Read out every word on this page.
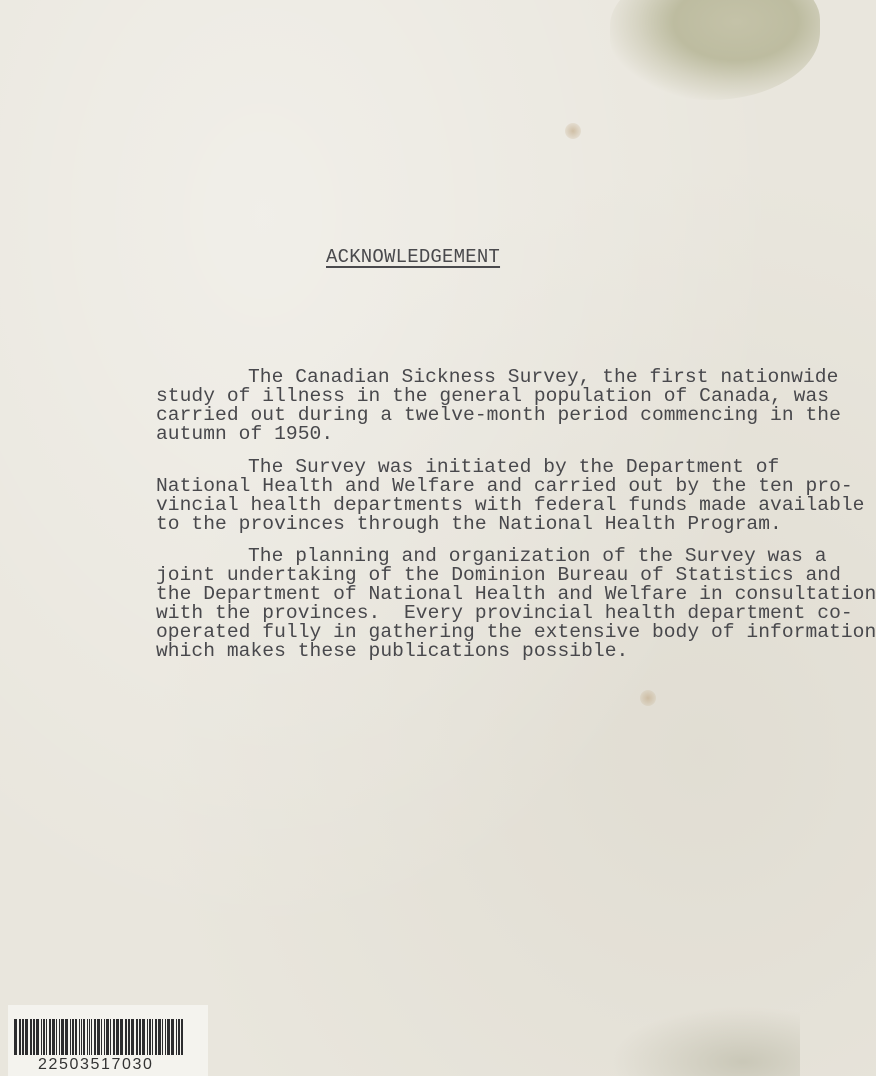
ACKNOWLEDGEMENT
The Canadian Sickness Survey, the first nationwide
study of illness in the general population of Canada, was
carried out during a twelve-month period commencing in the
autumn of 1950.
The Survey was initiated by the Department of
National Health and Welfare and carried out by the ten pro-
vincial health departments with federal funds made available
to the provinces through the National Health Program.
The planning and organization of the Survey was a
joint undertaking of the Dominion Bureau of Statistics and
the Department of National Health and Welfare in consultation
with the provinces.  Every provincial health department co-
operated fully in gathering the extensive body of information
which makes these publications possible.
22503517030
